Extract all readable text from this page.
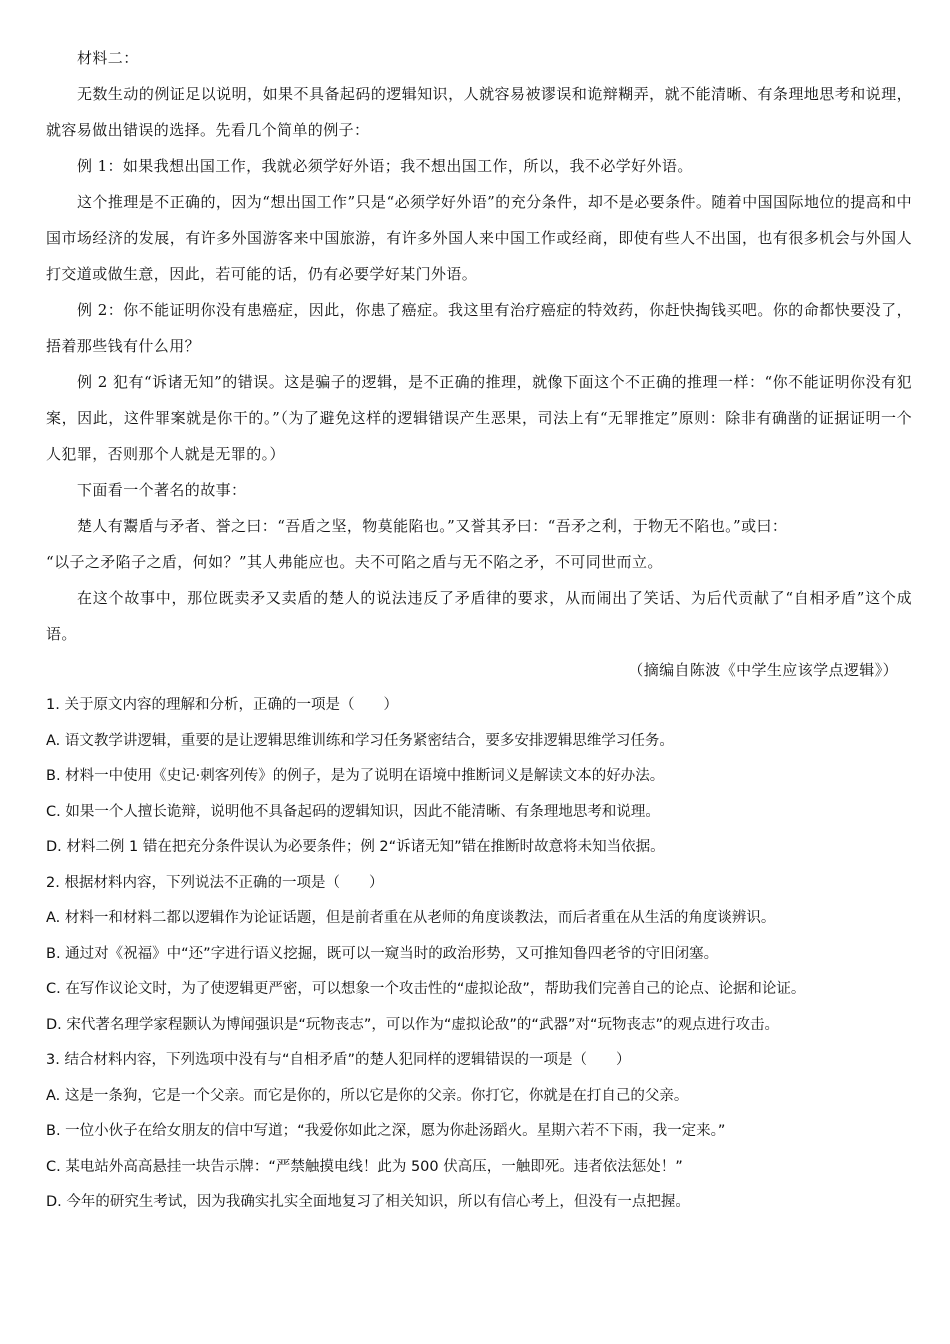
材料二：

无数生动的例证足以说明，如果不具备起码的逻辑知识，人就容易被谬误和诡辩糊弄，就不能清晰、有条理地思考和说理，就容易做出错误的选择。先看几个简单的例子：

例 1：如果我想出国工作，我就必须学好外语；我不想出国工作，所以，我不必学好外语。

这个推理是不正确的，因为“想出国工作”只是“必须学好外语”的充分条件，却不是必要条件。随着中国国际地位的提高和中国市场经济的发展，有许多外国游客来中国旅游，有许多外国人来中国工作或经商，即使有些人不出国，也有很多机会与外国人打交道或做生意，因此，若可能的话，仍有必要学好某门外语。

例 2：你不能证明你没有患癌症，因此，你患了癌症。我这里有治疗癌症的特效药，你赶快掏钱买吧。你的命都快要没了，捂着那些钱有什么用？

例 2 犯有“诉诸无知”的错误。这是骗子的逻辑，是不正确的推理，就像下面这个不正确的推理一样：“你不能证明你没有犯案，因此，这件罪案就是你干的。”（为了避免这样的逻辑错误产生恶果，司法上有“无罪推定”原则：除非有确凿的证据证明一个人犯罪，否则那个人就是无罪的。）

下面看一个著名的故事：

楚人有鬻盾与矛者、誉之曰：“吾盾之坚，物莫能陷也。”又誉其矛曰：“吾矛之利，于物无不陷也。”或曰：

“以子之矛陷子之盾，何如？”其人弗能应也。夫不可陷之盾与无不陷之矛，不可同世而立。

在这个故事中，那位既卖矛又卖盾的楚人的说法违反了矛盾律的要求，从而闹出了笑话、为后代贡献了“自相矛盾”这个成语。

（摘编自陈波《中学生应该学点逻辑》）

1. 关于原文内容的理解和分析，正确的一项是（　　）

A. 语文教学讲逻辑，重要的是让逻辑思维训练和学习任务紧密结合，要多安排逻辑思维学习任务。

B. 材料一中使用《史记·刺客列传》的例子，是为了说明在语境中推断词义是解读文本的好办法。

C. 如果一个人擅长诡辩，说明他不具备起码的逻辑知识，因此不能清晰、有条理地思考和说理。

D. 材料二例 1 错在把充分条件误认为必要条件；例 2“诉诸无知”错在推断时故意将未知当依据。

2. 根据材料内容，下列说法不正确的一项是（　　）

A. 材料一和材料二都以逻辑作为论证话题，但是前者重在从老师的角度谈教法，而后者重在从生活的角度谈辨识。

B. 通过对《祝福》中“还”字进行语义挖掘，既可以一窥当时的政治形势，又可推知鲁四老爷的守旧闭塞。

C. 在写作议论文时，为了使逻辑更严密，可以想象一个攻击性的“虚拟论敌”，帮助我们完善自己的论点、论据和论证。

D. 宋代著名理学家程颢认为博闻强识是“玩物丧志”，可以作为“虚拟论敌”的“武器”对“玩物丧志”的观点进行攻击。

3. 结合材料内容，下列选项中没有与“自相矛盾”的楚人犯同样的逻辑错误的一项是（　　）

A. 这是一条狗，它是一个父亲。而它是你的，所以它是你的父亲。你打它，你就是在打自己的父亲。

B. 一位小伙子在给女朋友的信中写道；“我爱你如此之深，愿为你赴汤蹈火。星期六若不下雨，我一定来。”

C. 某电站外高高悬挂一块告示牌：“严禁触摸电线！此为 500 伏高压，一触即死。违者依法惩处！”

D. 今年的研究生考试，因为我确实扎实全面地复习了相关知识，所以有信心考上，但没有一点把握。
